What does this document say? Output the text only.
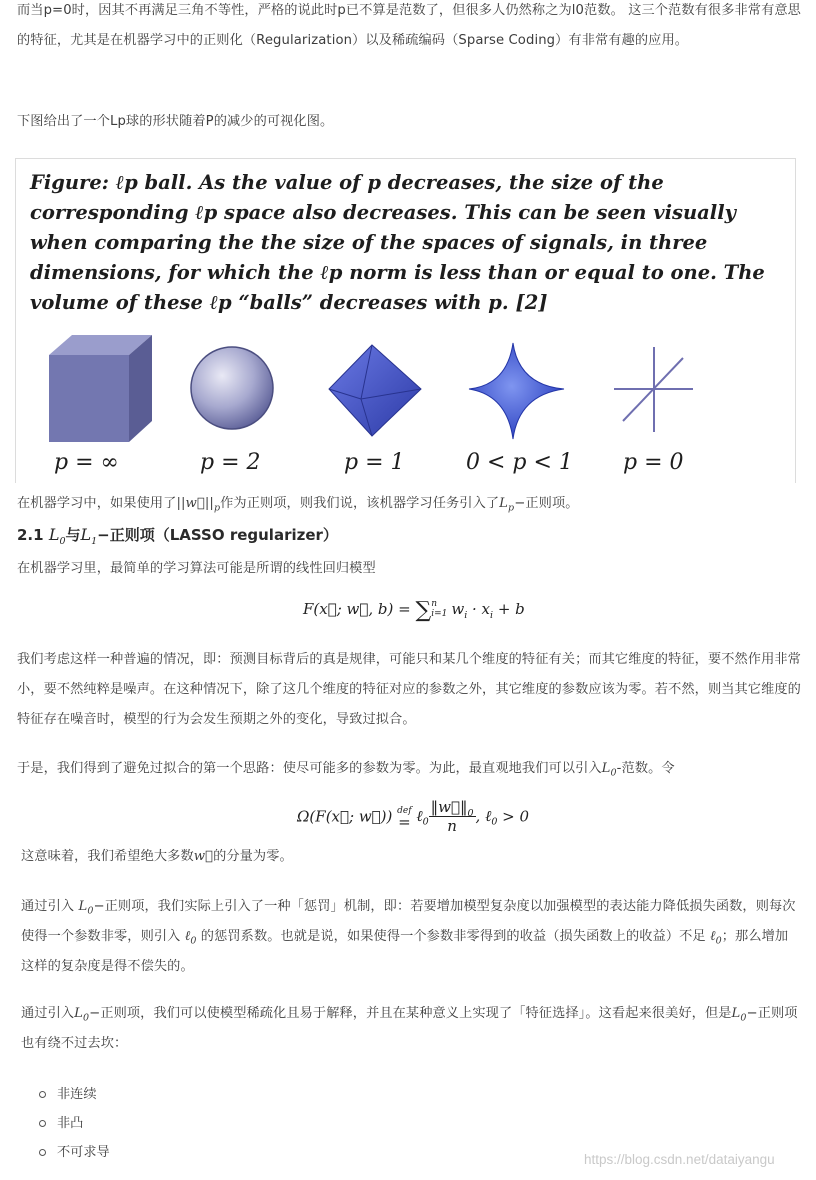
而当p=0时，因其不再满足三角不等性，严格的说此时p已不算是范数了，但很多人仍然称之为l0范数。 这三个范数有很多非常有意思的特征，尤其是在机器学习中的正则化（Regularization）以及稀疏编码（Sparse Coding）有非常有趣的应用。

下图给出了一个Lp球的形状随着P的减少的可视化图。

Figure: ℓp ball. As the value of p decreases, the size of the corresponding ℓp space also decreases. This can be seen visually when comparing the the size of the spaces of signals, in three dimensions, for which the ℓp norm is less than or equal to one. The volume of these ℓp “balls” decreases with p. [2]

p = ∞	p = 2	p = 1	0 < p < 1 p = 0

在机器学习中，如果使用了$||w⃗||_p$作为正则项，则我们说，该机器学习任务引入了$L_p-$正则项。

2.1 $L_0$与$L_1-$正则项（LASSO regularizer）

在机器学习里，最简单的学习算法可能是所谓的线性回归模型

F(x⃗; w⃗, b) = ∑ n
i=1 $w_i \cdot x_i + b$

我们考虑这样一种普遍的情况，即：预测目标背后的真是规律，可能只和某几个维度的特征有关；而其它维度的特征，要不然作用非常小，要不然纯粹是噪声。在这种情况下，除了这几个维度的特征对应的参数之外，其它维度的参数应该为零。若不然，则当其它维度的特征存在噪音时，模型的行为会发生预期之外的变化，导致过拟合。

于是，我们得到了避免过拟合的第一个思路：使尽可能多的参数为零。为此，最直观地我们可以引入$L_0-$范数。令

Ω(F(x⃗; w⃗)) def
= ℓ$_0$ $\frac{‖w⃗‖_0}{n}$ , ℓ$_0$ > 0

这意味着，我们希望绝大多数w⃗的分量为零。

通过引入 $L_0-$正则项，我们实际上引入了一种「惩罚」机制，即：若要增加模型复杂度以加强模型的表达能力降低损失函数，则每次使得一个参数非零，则引入 ℓ$_0$ 的惩罚系数。也就是说，如果使得一个参数非零得到的收益（损失函数上的收益）不足 ℓ$_0$；那么增加这样的复杂度是得不偿失的。

通过引入$L_0-$正则项，我们可以使模型稀疏化且易于解释，并且在某种意义上实现了「特征选择」。这看起来很美好，但是$L_0-$正则项也有绕不过去坎：

非连续
非凸
不可求导	https://blog.csdn.net/dataiyangu
